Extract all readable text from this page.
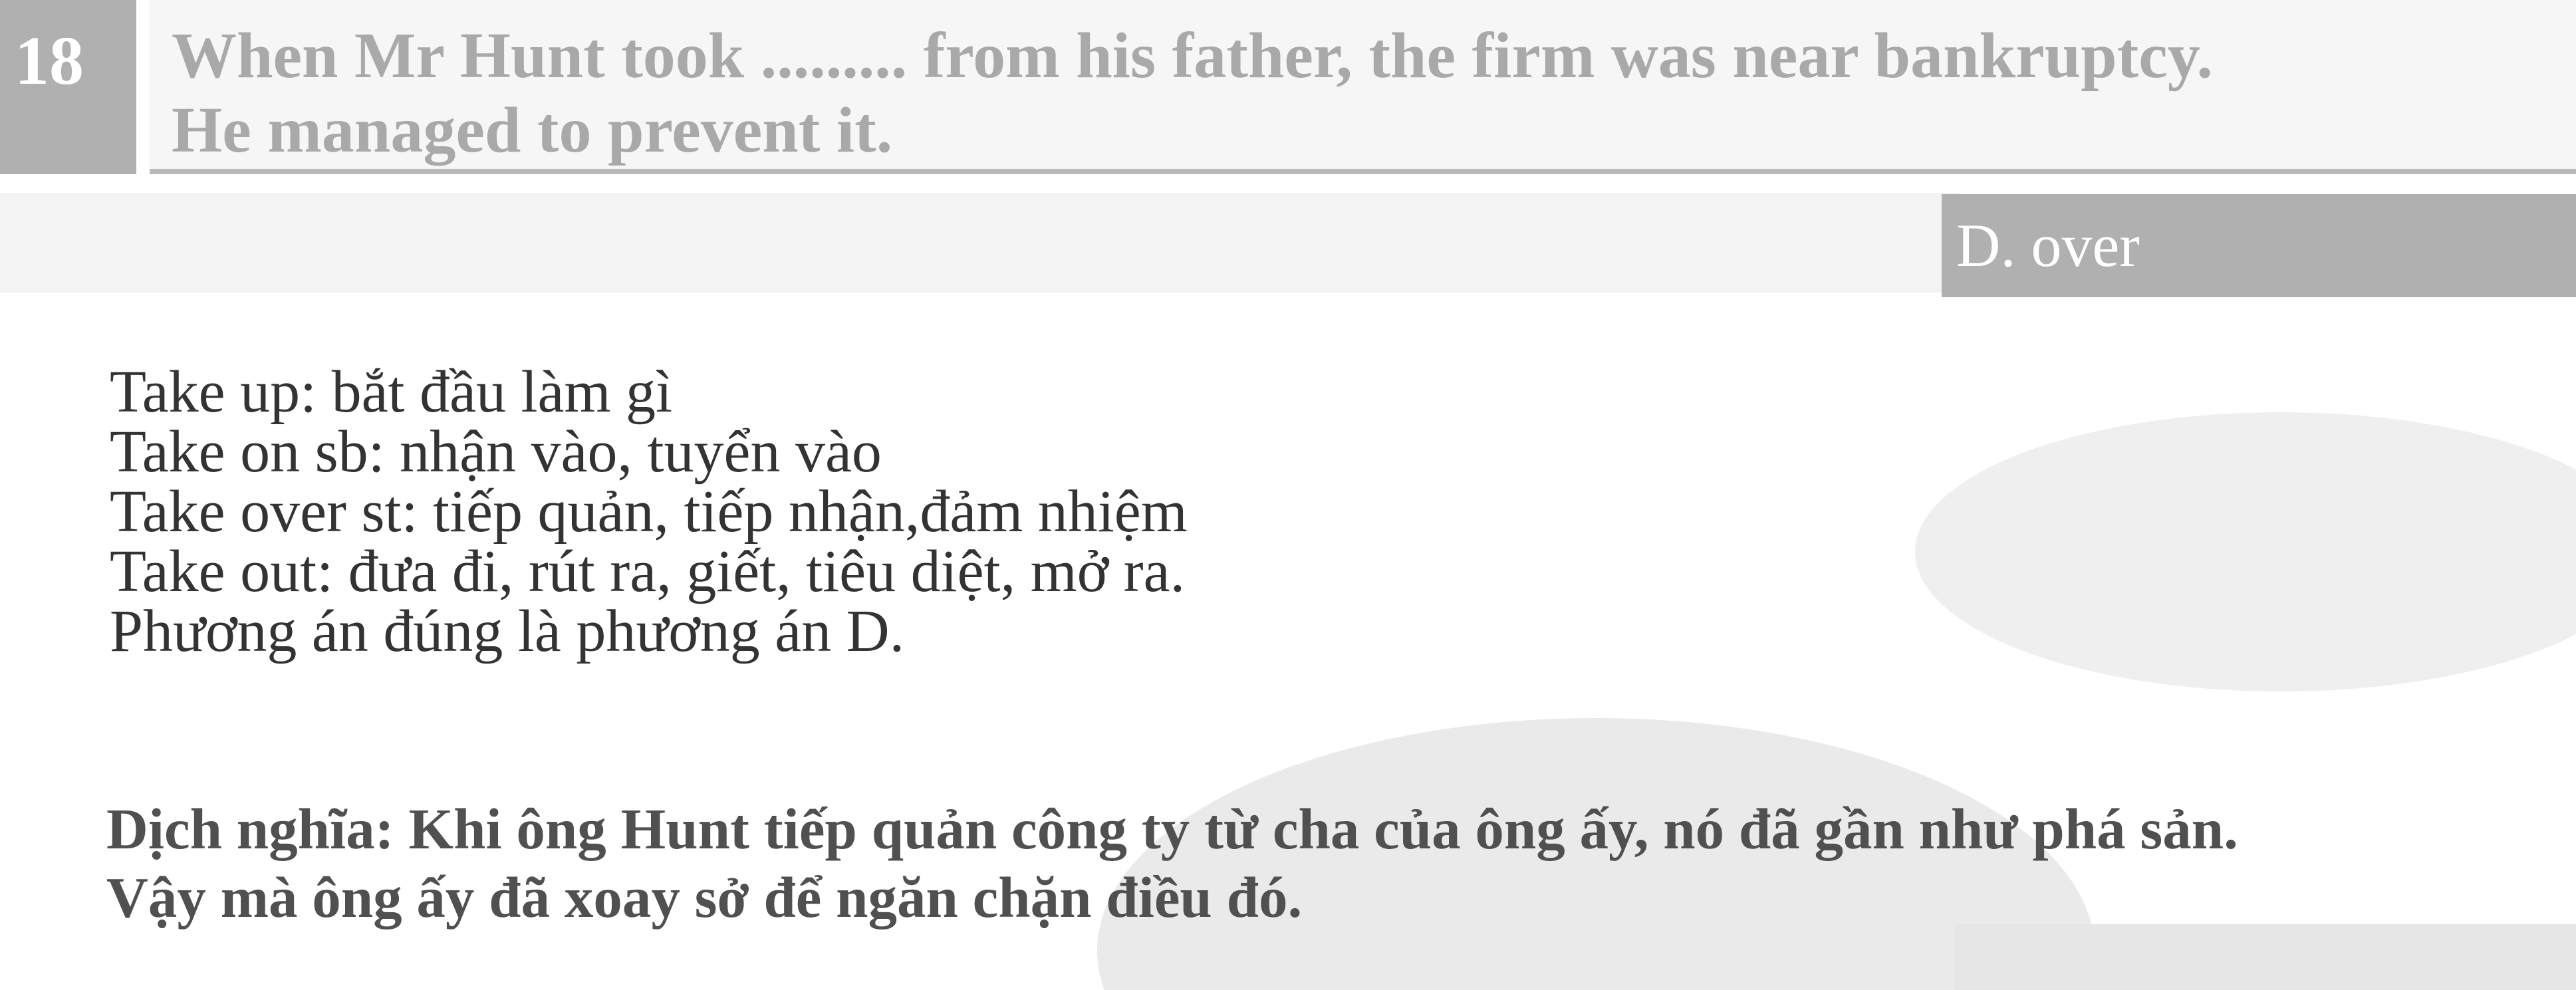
18	When Mr Hunt took ......... from his father, the firm was near bankruptcy.
He managed to prevent it.
D. over
Take up: bắt đầu làm gì
Take on sb: nhận vào, tuyển vào
Take over st: tiếp quản, tiếp nhận,đảm nhiệm
Take out: đưa đi, rút ra, giết, tiêu diệt, mở ra.
Phương án đúng là phương án D.
Dịch nghĩa: Khi ông Hunt tiếp quản công ty từ cha của ông ấy, nó đã gần như phá sản.
Vậy mà ông ấy đã xoay sở để ngăn chặn điều đó.
